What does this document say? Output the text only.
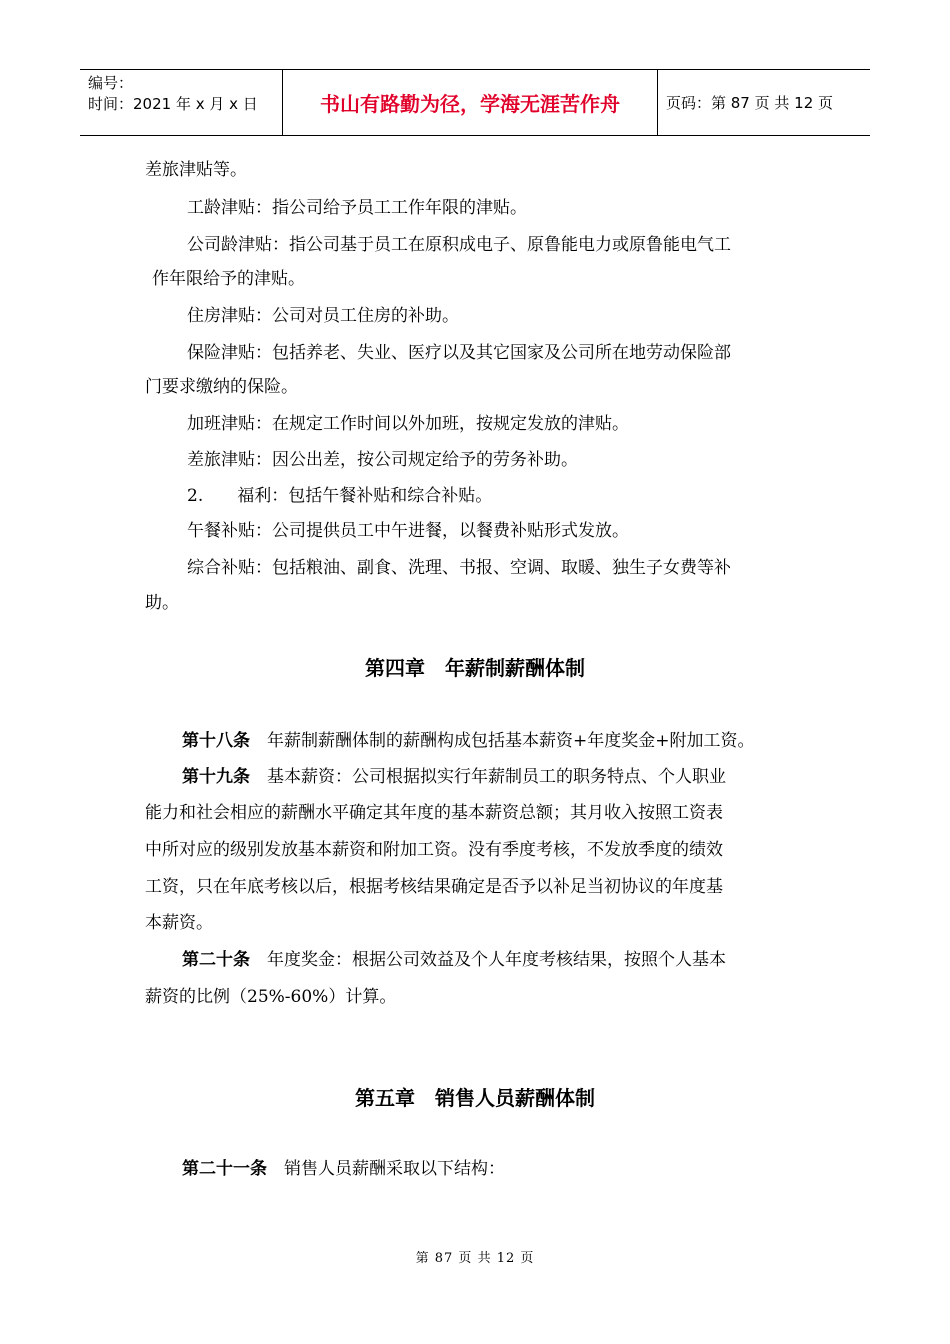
编号：
时间：2021 年 x 月 x 日	书山有路勤为径，学海无涯苦作舟	页码：第 87 页 共 12 页
差旅津贴等。
工龄津贴：指公司给予员工工作年限的津贴。
公司龄津贴：指公司基于员工在原积成电子、原鲁能电力或原鲁能电气工
作年限给予的津贴。
住房津贴：公司对员工住房的补助。
保险津贴：包括养老、失业、医疗以及其它国家及公司所在地劳动保险部
门要求缴纳的保险。
加班津贴：在规定工作时间以外加班，按规定发放的津贴。
差旅津贴：因公出差，按公司规定给予的劳务补助。
2.　　福利：包括午餐补贴和综合补贴。
午餐补贴：公司提供员工中午进餐，以餐费补贴形式发放。
综合补贴：包括粮油、副食、洗理、书报、空调、取暖、独生子女费等补
助。
第四章　年薪制薪酬体制
第十八条　年薪制薪酬体制的薪酬构成包括基本薪资+年度奖金+附加工资。
第十九条　基本薪资：公司根据拟实行年薪制员工的职务特点、个人职业
能力和社会相应的薪酬水平确定其年度的基本薪资总额；其月收入按照工资表
中所对应的级别发放基本薪资和附加工资。没有季度考核，不发放季度的绩效
工资，只在年底考核以后，根据考核结果确定是否予以补足当初协议的年度基
本薪资。
第二十条　年度奖金：根据公司效益及个人年度考核结果，按照个人基本
薪资的比例（25%-60%）计算。
第五章　销售人员薪酬体制
第二十一条　销售人员薪酬采取以下结构：
第 87 页 共 12 页
